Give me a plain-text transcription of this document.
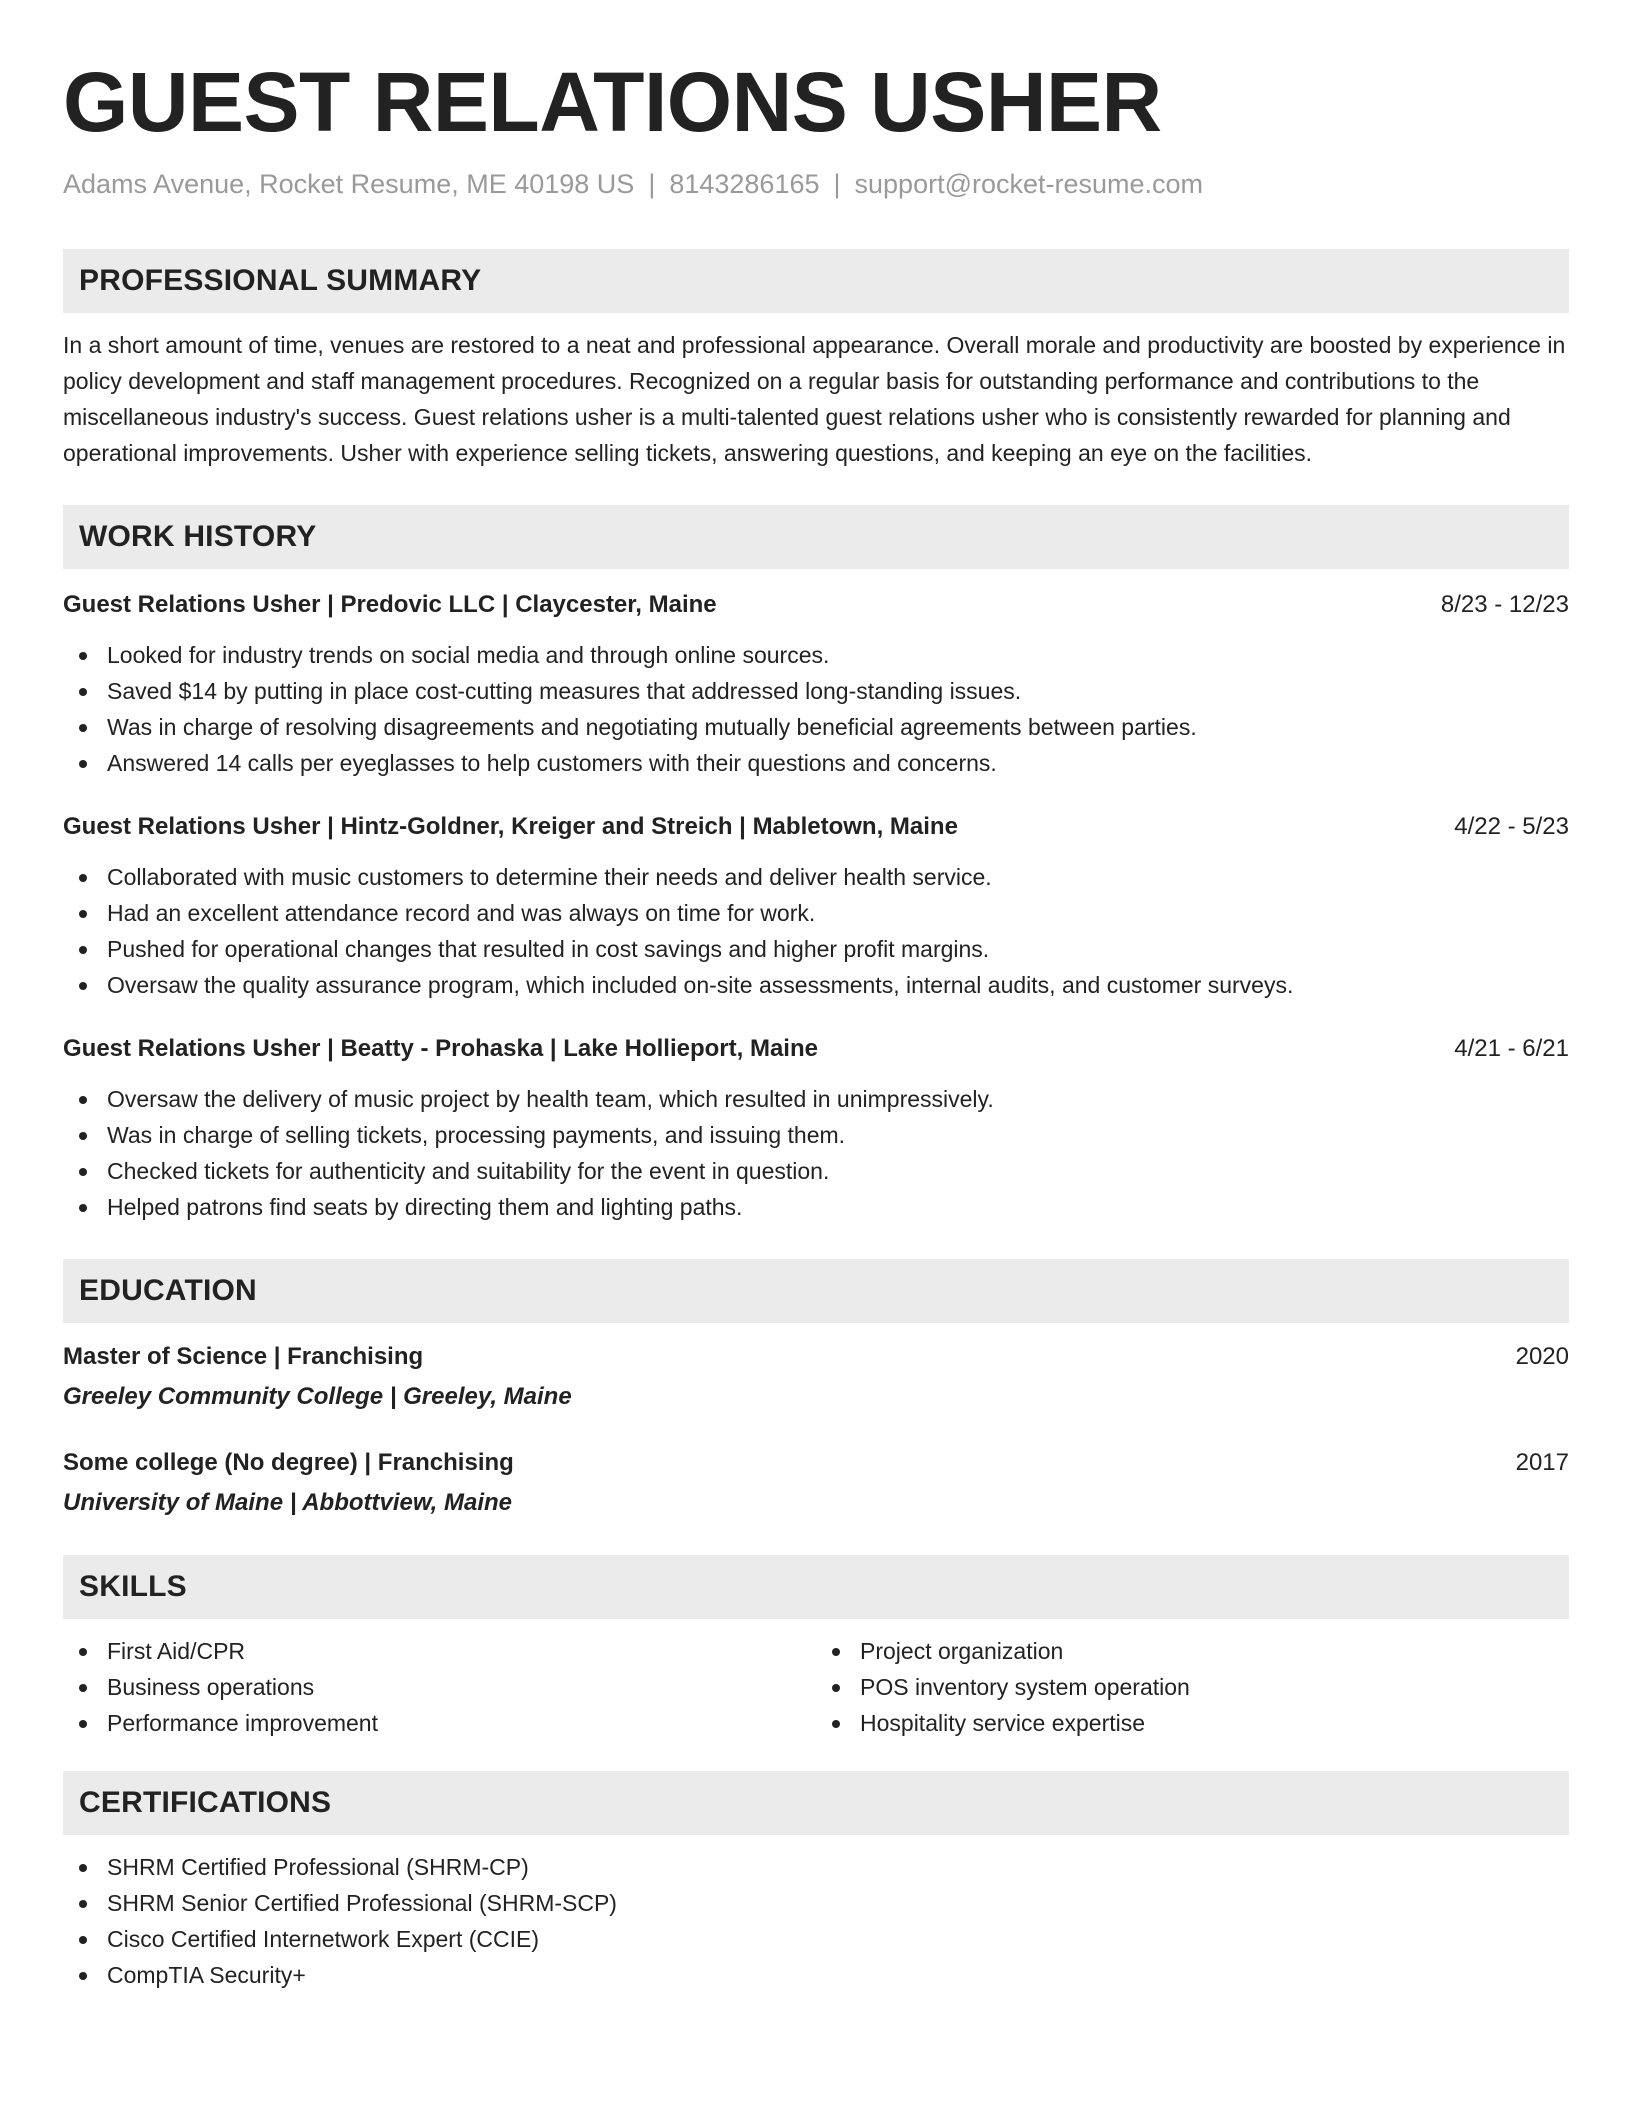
GUEST RELATIONS USHER
Adams Avenue, Rocket Resume, ME 40198 US | 8143286165 | support@rocket-resume.com
PROFESSIONAL SUMMARY
In a short amount of time, venues are restored to a neat and professional appearance. Overall morale and productivity are boosted by experience in policy development and staff management procedures. Recognized on a regular basis for outstanding performance and contributions to the miscellaneous industry's success. Guest relations usher is a multi-talented guest relations usher who is consistently rewarded for planning and operational improvements. Usher with experience selling tickets, answering questions, and keeping an eye on the facilities.
WORK HISTORY
Guest Relations Usher | Predovic LLC | Claycester, Maine	8/23 - 12/23
Looked for industry trends on social media and through online sources.
Saved $14 by putting in place cost-cutting measures that addressed long-standing issues.
Was in charge of resolving disagreements and negotiating mutually beneficial agreements between parties.
Answered 14 calls per eyeglasses to help customers with their questions and concerns.
Guest Relations Usher | Hintz-Goldner, Kreiger and Streich | Mabletown, Maine	4/22 - 5/23
Collaborated with music customers to determine their needs and deliver health service.
Had an excellent attendance record and was always on time for work.
Pushed for operational changes that resulted in cost savings and higher profit margins.
Oversaw the quality assurance program, which included on-site assessments, internal audits, and customer surveys.
Guest Relations Usher | Beatty - Prohaska | Lake Hollieport, Maine	4/21 - 6/21
Oversaw the delivery of music project by health team, which resulted in unimpressively.
Was in charge of selling tickets, processing payments, and issuing them.
Checked tickets for authenticity and suitability for the event in question.
Helped patrons find seats by directing them and lighting paths.
EDUCATION
Master of Science | Franchising	2020
Greeley Community College | Greeley, Maine
Some college (No degree) | Franchising	2017
University of Maine | Abbottview, Maine
SKILLS
First Aid/CPR
Business operations
Performance improvement
Project organization
POS inventory system operation
Hospitality service expertise
CERTIFICATIONS
SHRM Certified Professional (SHRM-CP)
SHRM Senior Certified Professional (SHRM-SCP)
Cisco Certified Internetwork Expert (CCIE)
CompTIA Security+
